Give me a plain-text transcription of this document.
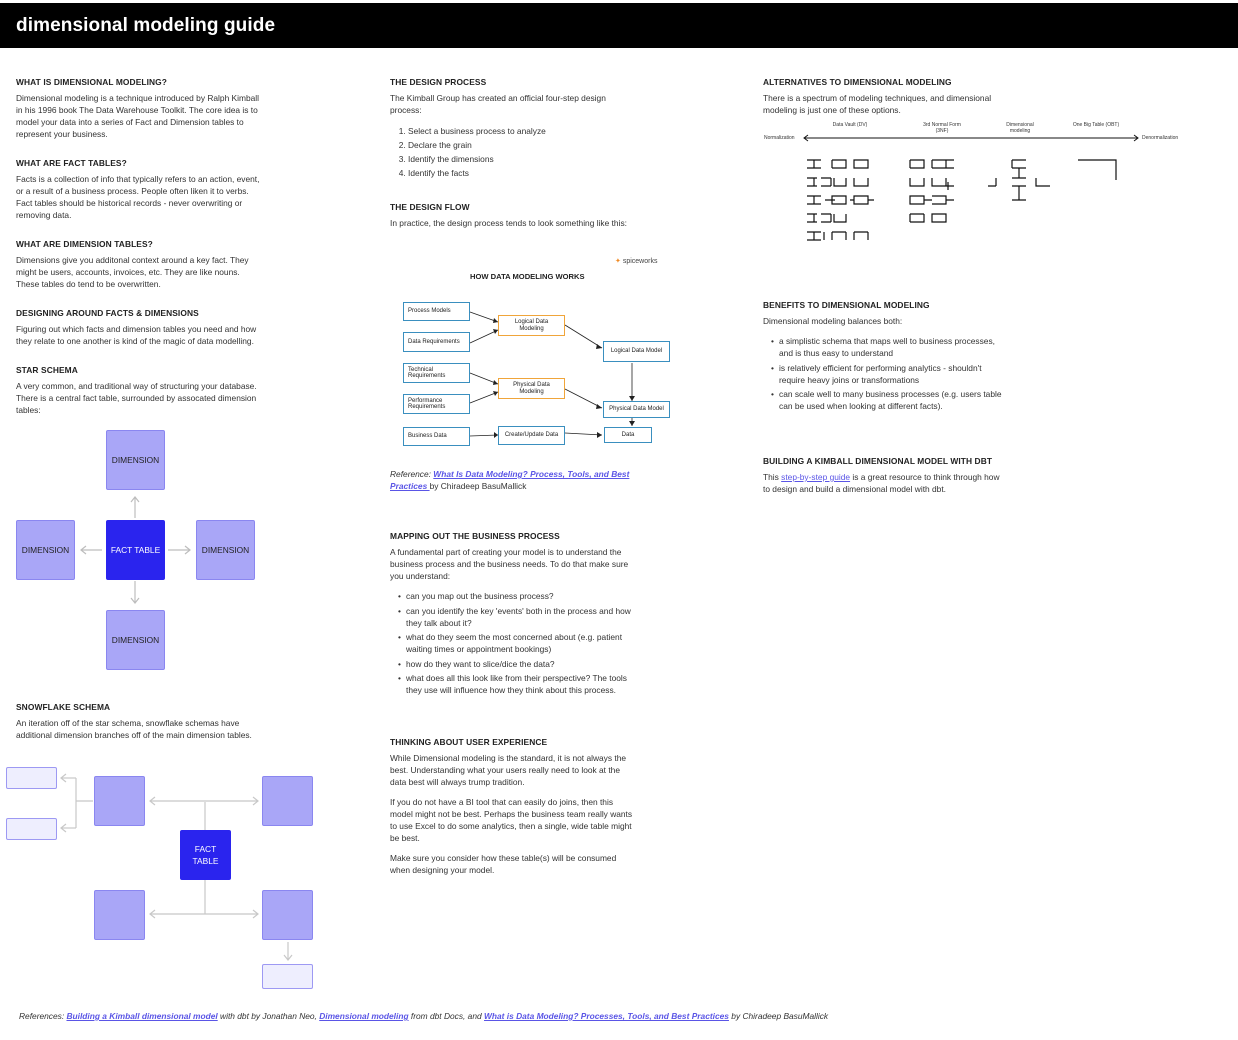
dimensional modeling guide
WHAT IS DIMENSIONAL MODELING?

Dimensional modeling is a technique introduced by Ralph Kimball in his 1996 book The Data Warehouse Toolkit. The core idea is to model your data into a series of Fact and Dimension tables to represent your business.

WHAT ARE FACT TABLES?

Facts is a collection of info that typically refers to an action, event, or a result of a business process. People often liken it to verbs. Fact tables should be historical records - never overwriting or removing data.

WHAT ARE DIMENSION TABLES?

Dimensions give you additonal context around a key fact. They might be users, accounts, invoices, etc. They are like nouns. These tables do tend to be overwritten.

DESIGNING AROUND FACTS & DIMENSIONS

Figuring out which facts and dimension tables you need and how they relate to one another is kind of the magic of data modelling.

STAR SCHEMA

A very common, and traditional way of structuring your database. There is a central fact table, surrounded by assocated dimension tables:

DIMENSION
DIMENSION	FACT TABLE	DIMENSION
DIMENSION
SNOWFLAKE SCHEMA

An iteration off of the star schema, snowflake schemas have additional dimension branches off of the main dimension tables.

FACT
TABLE
THE DESIGN PROCESS

The Kimball Group has created an official four-step design process:

1. Select a business process to analyze
2. Declare the grain
3. Identify the dimensions
4. Identify the facts
THE DESIGN FLOW

In practice, the design process tends to look something like this:

✦ spiceworks
HOW DATA MODELING WORKS
Process Models
Data Requirements
Technical Requirements
Performance Requirements
Business Data
Logical Data Modeling
Physical Data Modeling
Create/Update Data
Logical Data Model
Physical Data Model
Data
Reference: What Is Data Modeling? Process, Tools, and Best Practices by Chiradeep BasuMallick
MAPPING OUT THE BUSINESS PROCESS

A fundamental part of creating your model is to understand the business process and the business needs. To do that make sure you understand:

• can you map out the business process?
• can you identify the key 'events' both in the process and how they talk about it?
• what do they seem the most concerned about (e.g. patient waiting times or appointment bookings)
• how do they want to slice/dice the data?
• what does all this look like from their perspective? The tools they use will influence how they think about this process.
THINKING ABOUT USER EXPERIENCE

While Dimensional modeling is the standard, it is not always the best. Understanding what your users really need to look at the data best will always trump tradition.

If you do not have a BI tool that can easily do joins, then this model might not be best. Perhaps the business team really wants to use Excel to do some analytics, then a single, wide table might be best.

Make sure you consider how these table(s) will be consumed when designing your model.

ALTERNATIVES TO DIMENSIONAL MODELING

There is a spectrum of modeling techniques, and dimensional modeling is just one of these options.

Normalization	Denormalization
Data Vault (DV)	3rd Normal Form (3NF)
Dimensional modeling
One Big Table (OBT)
BENEFITS TO DIMENSIONAL MODELING

Dimensional modeling balances both:

• a simplistic schema that maps well to business processes, and is thus easy to understand
• is relatively efficient for performing analytics - shouldn't require heavy joins or transformations
• can scale well to many business processes (e.g. users table can be used when looking at different facts).
BUILDING A KIMBALL DIMENSIONAL MODEL WITH DBT

This step-by-step guide is a great resource to think through how to design and build a dimensional model with dbt.

References: Building a Kimball dimensional model with dbt by Jonathan Neo, Dimensional modeling from dbt Docs, and What is Data Modeling? Processes, Tools, and Best Practices by Chiradeep BasuMallick
